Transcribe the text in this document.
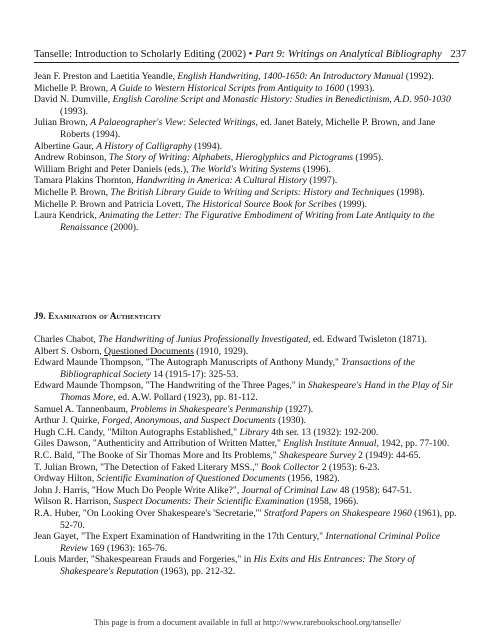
Tanselle: Introduction to Scholarly Editing (2002) • Part 9: Writings on Analytical Bibliography 237

Jean F. Preston and Laetitia Yeandle, English Handwriting, 1400-1650: An Introductory Manual (1992).

Michelle P. Brown, A Guide to Western Historical Scripts from Antiquity to 1600 (1993).

David N. Dumville, English Caroline Script and Monastic History: Studies in Benedictinism, A.D. 950-1030 (1993).

Julian Brown, A Palaeographer's View: Selected Writings, ed. Janet Bately, Michelle P. Brown, and Jane Roberts (1994).

Albertine Gaur, A History of Calligraphy (1994).

Andrew Robinson, The Story of Writing: Alphabets, Hieroglyphics and Pictograms (1995).

William Bright and Peter Daniels (eds.), The World's Writing Systems (1996).

Tamara Plakins Thornton, Handwriting in America: A Cultural History (1997).

Michelle P. Brown, The British Library Guide to Writing and Scripts: History and Techniques (1998).

Michelle P. Brown and Patricia Lovett, The Historical Source Book for Scribes (1999).

Laura Kendrick, Animating the Letter: The Figurative Embodiment of Writing from Late Antiquity to the Renaissance (2000).

J9. Examination of Authenticity

Charles Chabot, The Handwriting of Junius Professionally Investigated, ed. Edward Twisleton (1871).

Albert S. Osborn, Questioned Documents (1910, 1929).

Edward Maunde Thompson, "The Autograph Manuscripts of Anthony Mundy," Transactions of the Bibliographical Society 14 (1915-17): 325-53.

Edward Maunde Thompson, "The Handwriting of the Three Pages," in Shakespeare's Hand in the Play of Sir Thomas More, ed. A.W. Pollard (1923), pp. 81-112.

Samuel A. Tannenbaum, Problems in Shakespeare's Penmanship (1927).

Arthur J. Quirke, Forged, Anonymous, and Suspect Documents (1930).

Hugh C.H. Candy, "Milton Autographs Established," Library 4th ser. 13 (1932): 192-200.

Giles Dawson, "Authenticity and Attribution of Written Matter," English Institute Annual, 1942, pp. 77-100.

R.C. Bald, "The Booke of Sir Thomas More and Its Problems," Shakespeare Survey 2 (1949): 44-65.

T. Julian Brown, "The Detection of Faked Literary MSS.," Book Collector 2 (1953): 6-23.

Ordway Hilton, Scientific Examination of Questioned Documents (1956, 1982).

John J. Harris, "How Much Do People Write Alike?", Journal of Criminal Law 48 (1958): 647-51.

Wilson R. Harrison, Suspect Documents: Their Scientific Examination (1958, 1966).

R.A. Huber, "On Looking Over Shakespeare's 'Secretarie,'" Stratford Papers on Shakespeare 1960 (1961), pp. 52-70.

Jean Gayet, "The Expert Examination of Handwriting in the 17th Century," International Criminal Police Review 169 (1963): 165-76.

Louis Marder, "Shakespearean Frauds and Forgeries," in His Exits and His Entrances: The Story of Shakespeare's Reputation (1963), pp. 212-32.

This page is from a document available in full at http://www.rarebookschool.org/tanselle/
